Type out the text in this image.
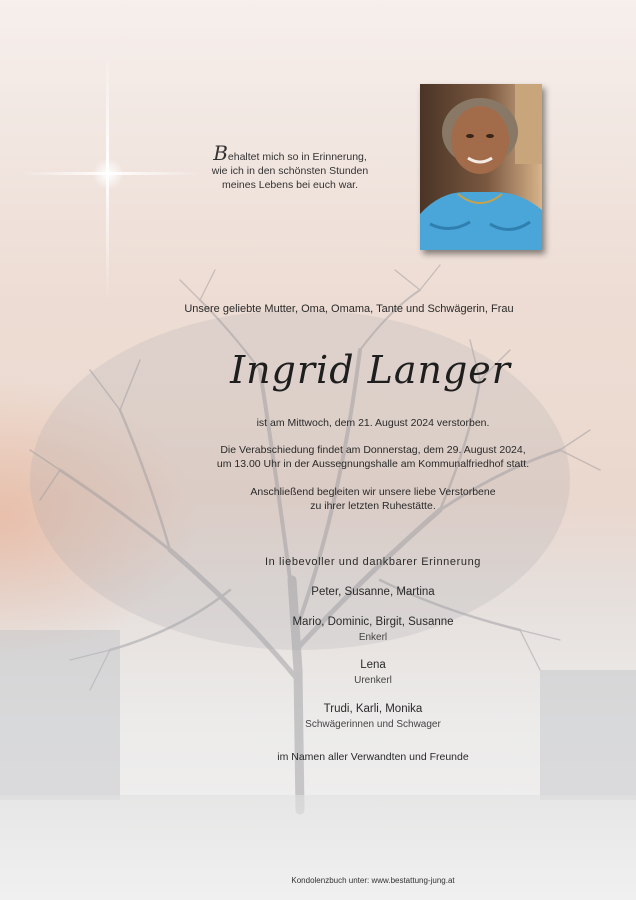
Behaltet mich so in Erinnerung,
wie ich in den schönsten Stunden
meines Lebens bei euch war.
Unsere geliebte Mutter, Oma, Omama, Tante und Schwägerin, Frau
Ingrid Langer
ist am Mittwoch, dem 21. August 2024 verstorben.
Die Verabschiedung findet am Donnerstag, dem 29. August 2024,
um 13.00 Uhr in der Aussegnungshalle am Kommunalfriedhof statt.
Anschließend begleiten wir unsere liebe Verstorbene
zu ihrer letzten Ruhestätte.
In liebevoller und dankbarer Erinnerung
Peter, Susanne, Martina
Mario, Dominic, Birgit, Susanne
Enkerl
Lena
Urenkerl
Trudi, Karli, Monika
Schwägerinnen und Schwager
im Namen aller Verwandten und Freunde
Kondolenzbuch unter: www.bestattung-jung.at
